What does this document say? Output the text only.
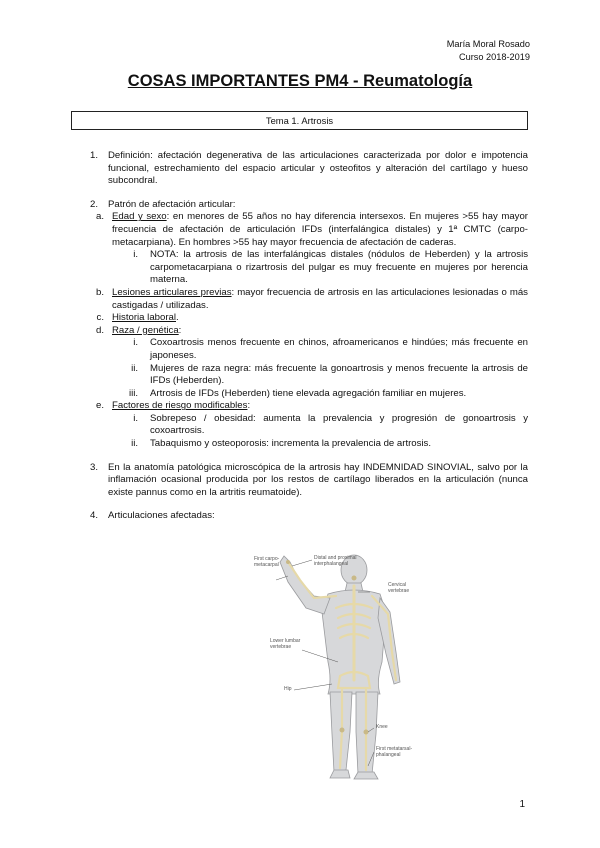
María Moral Rosado
Curso 2018-2019
COSAS IMPORTANTES PM4 - Reumatología
Tema 1. Artrosis
1. Definición: afectación degenerativa de las articulaciones caracterizada por dolor e impotencia funcional, estrechamiento del espacio articular y osteofitos y alteración del cartílago y hueso subcondral.
2. Patrón de afectación articular:
a. Edad y sexo: en menores de 55 años no hay diferencia intersexos. En mujeres >55 hay mayor frecuencia de afectación de articulación IFDs (interfalángica distales) y 1ª CMTC (carpo-metacarpiana). En hombres >55 hay mayor frecuencia de afectación de caderas.
i. NOTA: la artrosis de las interfalángicas distales (nódulos de Heberden) y la artrosis carpometacarpiana o rizartrosis del pulgar es muy frecuente en mujeres por herencia materna.
b. Lesiones articulares previas: mayor frecuencia de artrosis en las articulaciones lesionadas o más castigadas / utilizadas.
c. Historia laboral.
d. Raza / genética:
i. Coxoartrosis menos frecuente en chinos, afroamericanos e hindúes; más frecuente en japoneses.
ii. Mujeres de raza negra: más frecuente la gonoartrosis y menos frecuente la artrosis de IFDs (Heberden).
iii. Artrosis de IFDs (Heberden) tiene elevada agregación familiar en mujeres.
e. Factores de riesgo modificables:
i. Sobrepeso / obesidad: aumenta la prevalencia y progresión de gonoartrosis y coxoartrosis.
ii. Tabaquismo y osteoporosis: incrementa la prevalencia de artrosis.
3. En la anatomía patológica microscópica de la artrosis hay INDEMNIDAD SINOVIAL, salvo por la inflamación ocasional producida por los restos de cartílago liberados en la articulación (nunca existe pannus como en la artritis reumatoide).
4. Articulaciones afectadas:
First carpo-metacarpal
Distal and proximal interphalangeal
Cervical vertebrae
Lower lumbar vertebrae
Hip
Knee
First metatarsal-phalangeal
1
